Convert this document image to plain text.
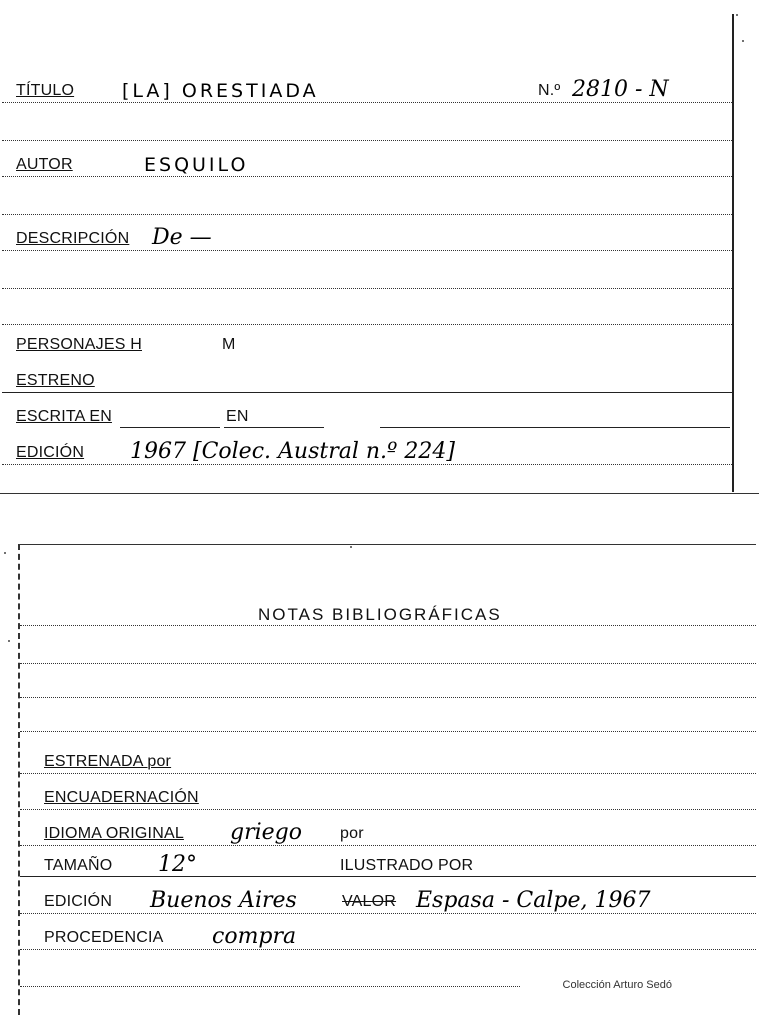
TÍTULO	[LA] ORESTIADA	N.º 2810 - N
AUTOR	ESQUILO
DESCRIPCIÓN De —
PERSONAJES H	M
ESTRENO
ESCRITA EN	EN
EDICIÓN 1967 [Colec. Austral n.º 224]
NOTAS BIBLIOGRÁFICAS
ESTRENADA por
ENCUADERNACIÓN
IDIOMA ORIGINAL griego por
TAMAÑO 12°	ILUSTRADO POR
EDICIÓN Buenos Aires	VALOR Espasa - Calpe, 1967
PROCEDENCIA compra
Colección Arturo Sedó
